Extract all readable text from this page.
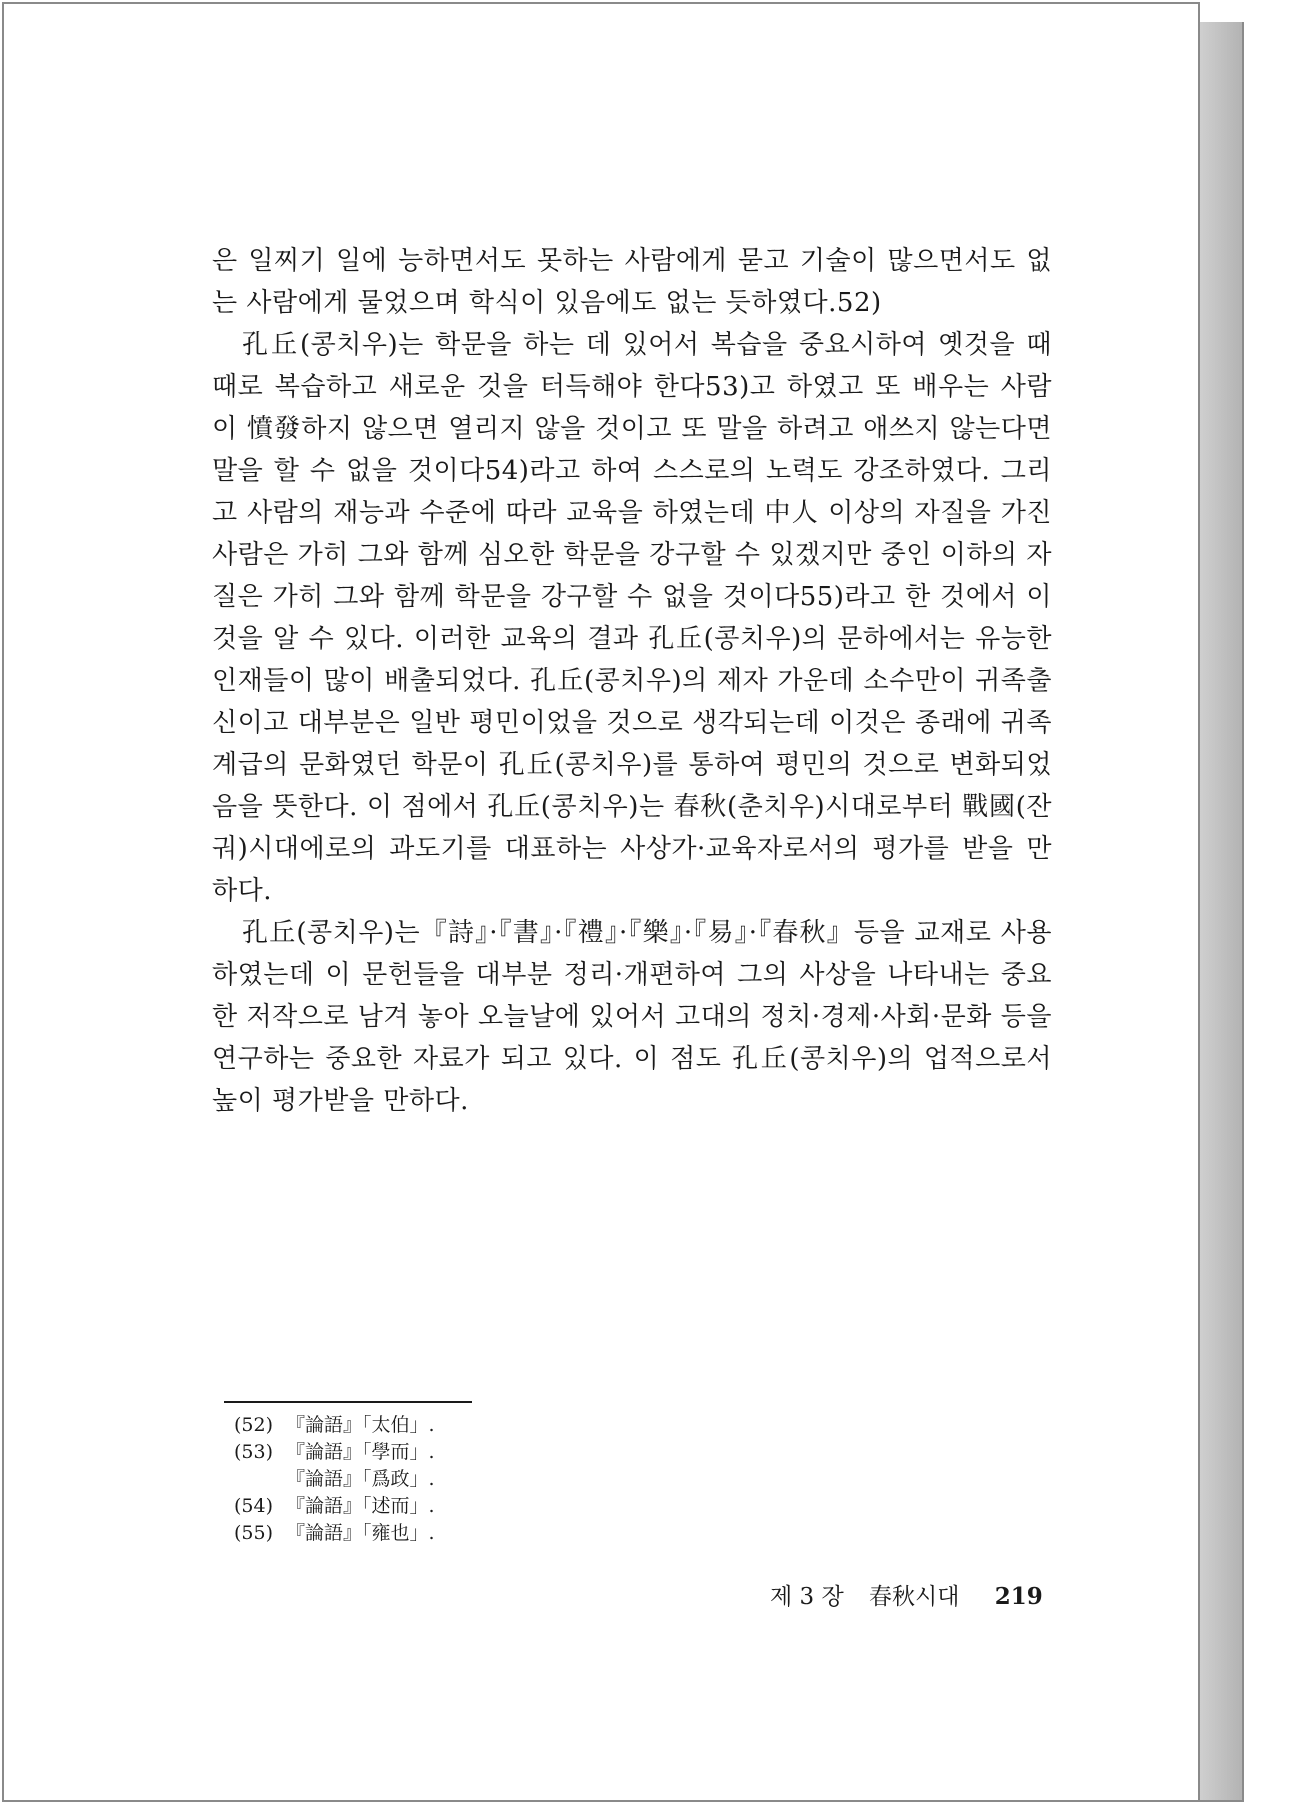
은 일찌기 일에 능하면서도 못하는 사람에게 묻고 기술이 많으면서도 없는 사람에게 물었으며 학식이 있음에도 없는 듯하였다.52)

孔丘(콩치우)는 학문을 하는 데 있어서 복습을 중요시하여 옛것을 때때로 복습하고 새로운 것을 터득해야 한다53)고 하였고 또 배우는 사람이 憤發하지 않으면 열리지 않을 것이고 또 말을 하려고 애쓰지 않는다면 말을 할 수 없을 것이다54)라고 하여 스스로의 노력도 강조하였다. 그리고 사람의 재능과 수준에 따라 교육을 하였는데 中人 이상의 자질을 가진 사람은 가히 그와 함께 심오한 학문을 강구할 수 있겠지만 중인 이하의 자질은 가히 그와 함께 학문을 강구할 수 없을 것이다55)라고 한 것에서 이것을 알 수 있다. 이러한 교육의 결과 孔丘(콩치우)의 문하에서는 유능한 인재들이 많이 배출되었다. 孔丘(콩치우)의 제자 가운데 소수만이 귀족출신이고 대부분은 일반 평민이었을 것으로 생각되는데 이것은 종래에 귀족계급의 문화였던 학문이 孔丘(콩치우)를 통하여 평민의 것으로 변화되었음을 뜻한다. 이 점에서 孔丘(콩치우)는 春秋(춘치우)시대로부터 戰國(잔궈)시대에로의 과도기를 대표하는 사상가·교육자로서의 평가를 받을 만하다.

孔丘(콩치우)는『詩』·『書』·『禮』·『樂』·『易』·『春秋』등을 교재로 사용하였는데 이 문헌들을 대부분 정리·개편하여 그의 사상을 나타내는 중요한 저작으로 남겨 놓아 오늘날에 있어서 고대의 정치·경제·사회·문화 등을 연구하는 중요한 자료가 되고 있다. 이 점도 孔丘(콩치우)의 업적으로서 높이 평가받을 만하다.

(52) 『論語』「太伯」.
(53) 『論語』「學而」.
『論語』「爲政」.
(54) 『論語』「述而」.
(55) 『論語』「雍也」.
제 3 장 春秋시대 219
